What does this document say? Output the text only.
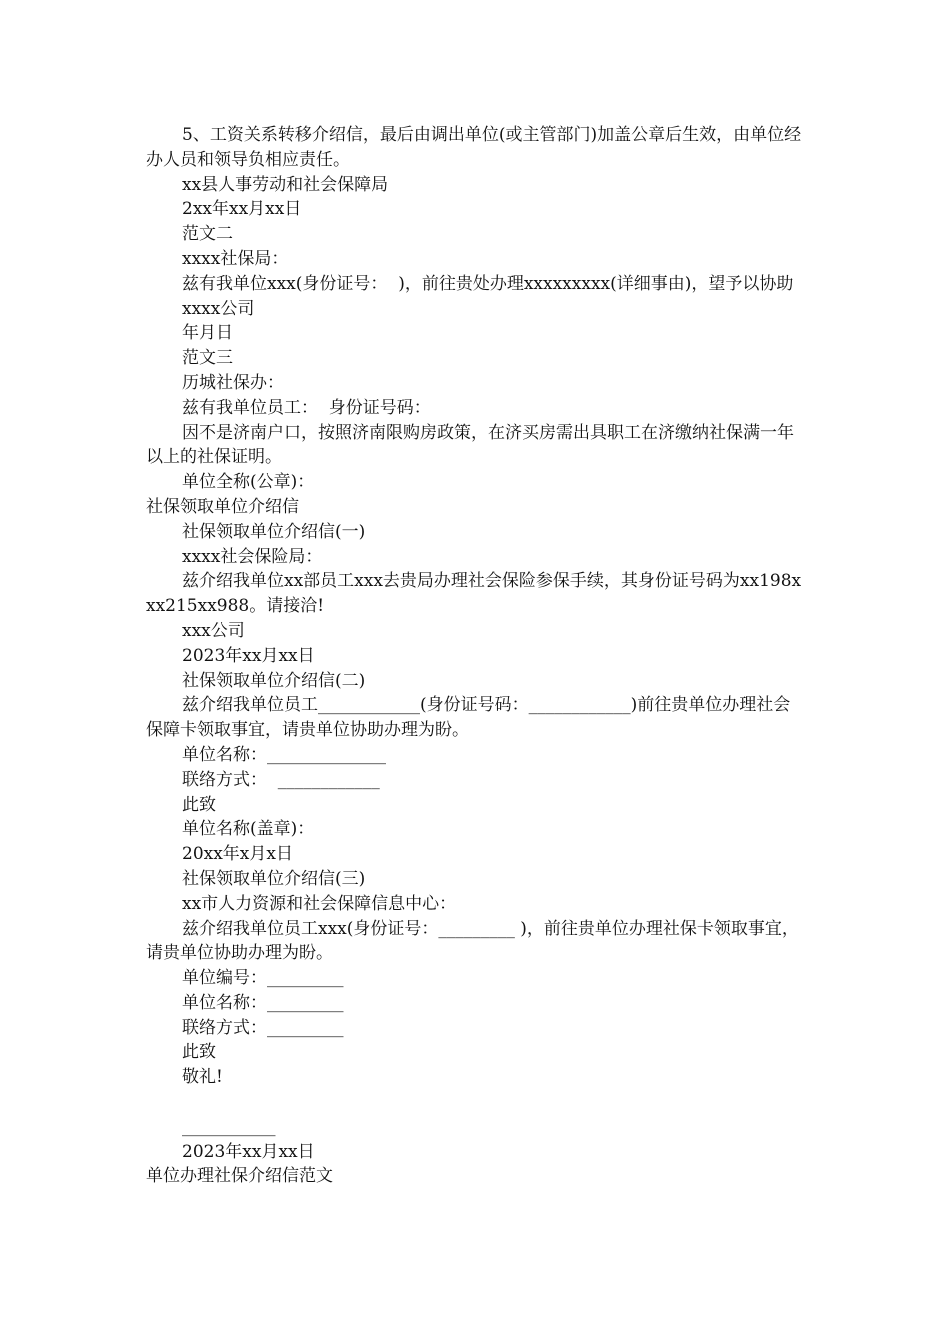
5、工资关系转移介绍信，最后由调出单位(或主管部门)加盖公章后生效，由单位经办人员和领导负相应责任。

xx县人事劳动和社会保障局

2xx年xx月xx日

范文二

xxxx社保局：

兹有我单位xxx(身份证号：  )，前往贵处办理xxxxxxxxx(详细事由)，望予以协助

xxxx公司

年月日

范文三

历城社保办：

兹有我单位员工：  身份证号码：

因不是济南户口，按照济南限购房政策，在济买房需出具职工在济缴纳社保满一年以上的社保证明。

单位全称(公章)：

社保领取单位介绍信

社保领取单位介绍信(一)

xxxx社会保险局：

兹介绍我单位xx部员工xxx去贵局办理社会保险参保手续，其身份证号码为xx198xxx215xx988。请接洽!

xxx公司

2023年xx月xx日

社保领取单位介绍信(二)

兹介绍我单位员工____________(身份证号码：____________)前往贵单位办理社会保障卡领取事宜，请贵单位协助办理为盼。

单位名称：______________

联络方式：  ____________

此致

单位名称(盖章)：

20xx年x月x日

社保领取单位介绍信(三)

xx市人力资源和社会保障信息中心：

兹介绍我单位员工xxx(身份证号：_________ )，前往贵单位办理社保卡领取事宜，请贵单位协助办理为盼。

单位编号：_________

单位名称：_________

联络方式：_________

此致

敬礼!

___________

2023年xx月xx日

单位办理社保介绍信范文
